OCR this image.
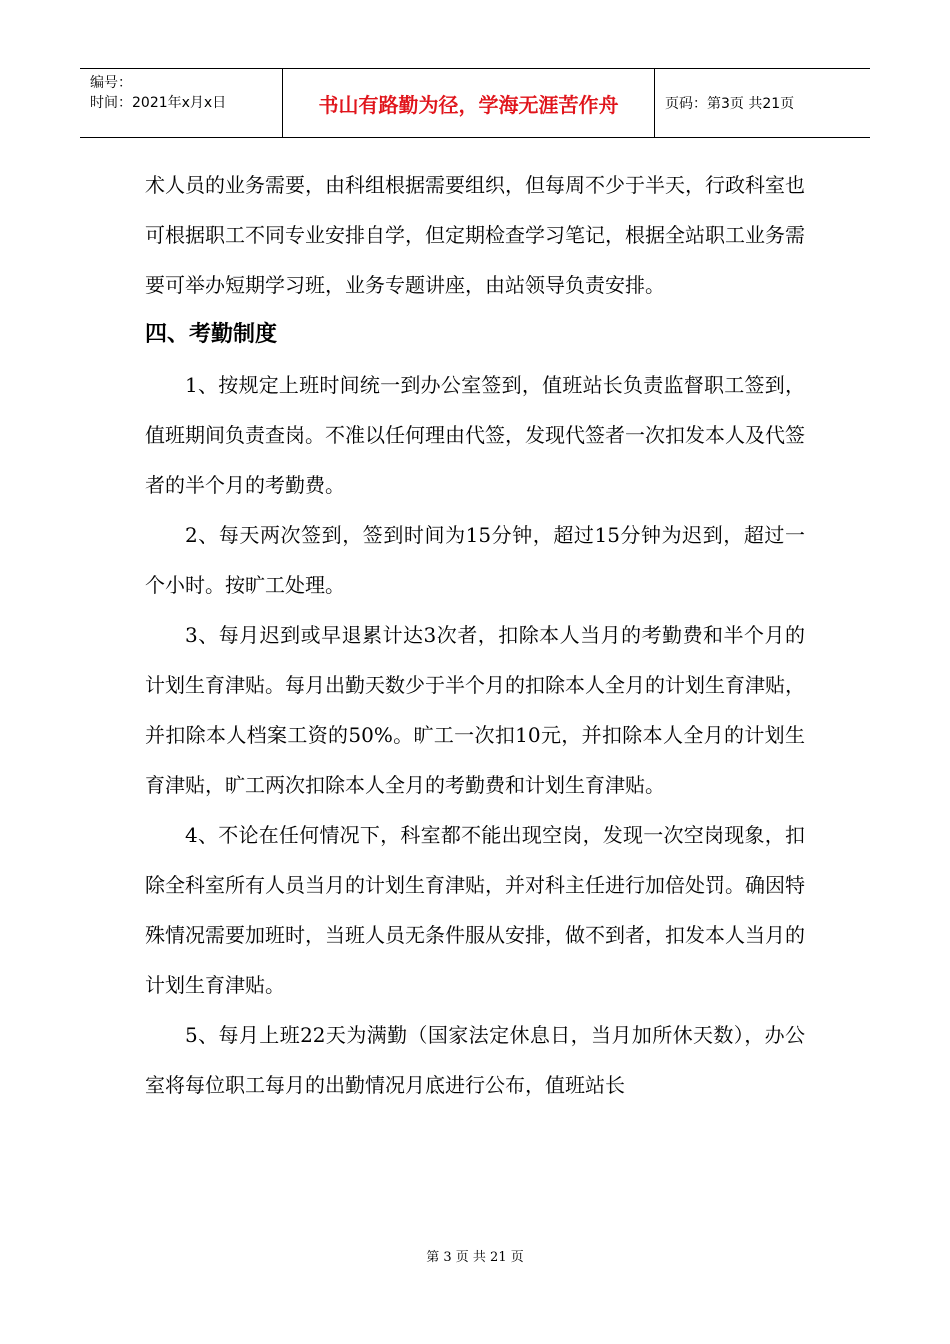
编号：
时间：2021年x月x日	书山有路勤为径，学海无涯苦作舟	页码：第3页 共21页

术人员的业务需要，由科组根据需要组织，但每周不少于半天，行政科室也可根据职工不同专业安排自学，但定期检查学习笔记，根据全站职工业务需要可举办短期学习班，业务专题讲座，由站领导负责安排。

四、考勤制度

1、按规定上班时间统一到办公室签到，值班站长负责监督职工签到，值班期间负责查岗。不准以任何理由代签，发现代签者一次扣发本人及代签者的半个月的考勤费。

2、每天两次签到，签到时间为15分钟，超过15分钟为迟到，超过一个小时。按旷工处理。

3、每月迟到或早退累计达3次者，扣除本人当月的考勤费和半个月的计划生育津贴。每月出勤天数少于半个月的扣除本人全月的计划生育津贴，并扣除本人档案工资的50%。旷工一次扣10元，并扣除本人全月的计划生育津贴，旷工两次扣除本人全月的考勤费和计划生育津贴。

4、不论在任何情况下，科室都不能出现空岗，发现一次空岗现象，扣除全科室所有人员当月的计划生育津贴，并对科主任进行加倍处罚。确因特殊情况需要加班时，当班人员无条件服从安排，做不到者，扣发本人当月的计划生育津贴。

5、每月上班22天为满勤（国家法定休息日，当月加所休天数），办公室将每位职工每月的出勤情况月底进行公布，值班站长

第 3 页 共 21 页
